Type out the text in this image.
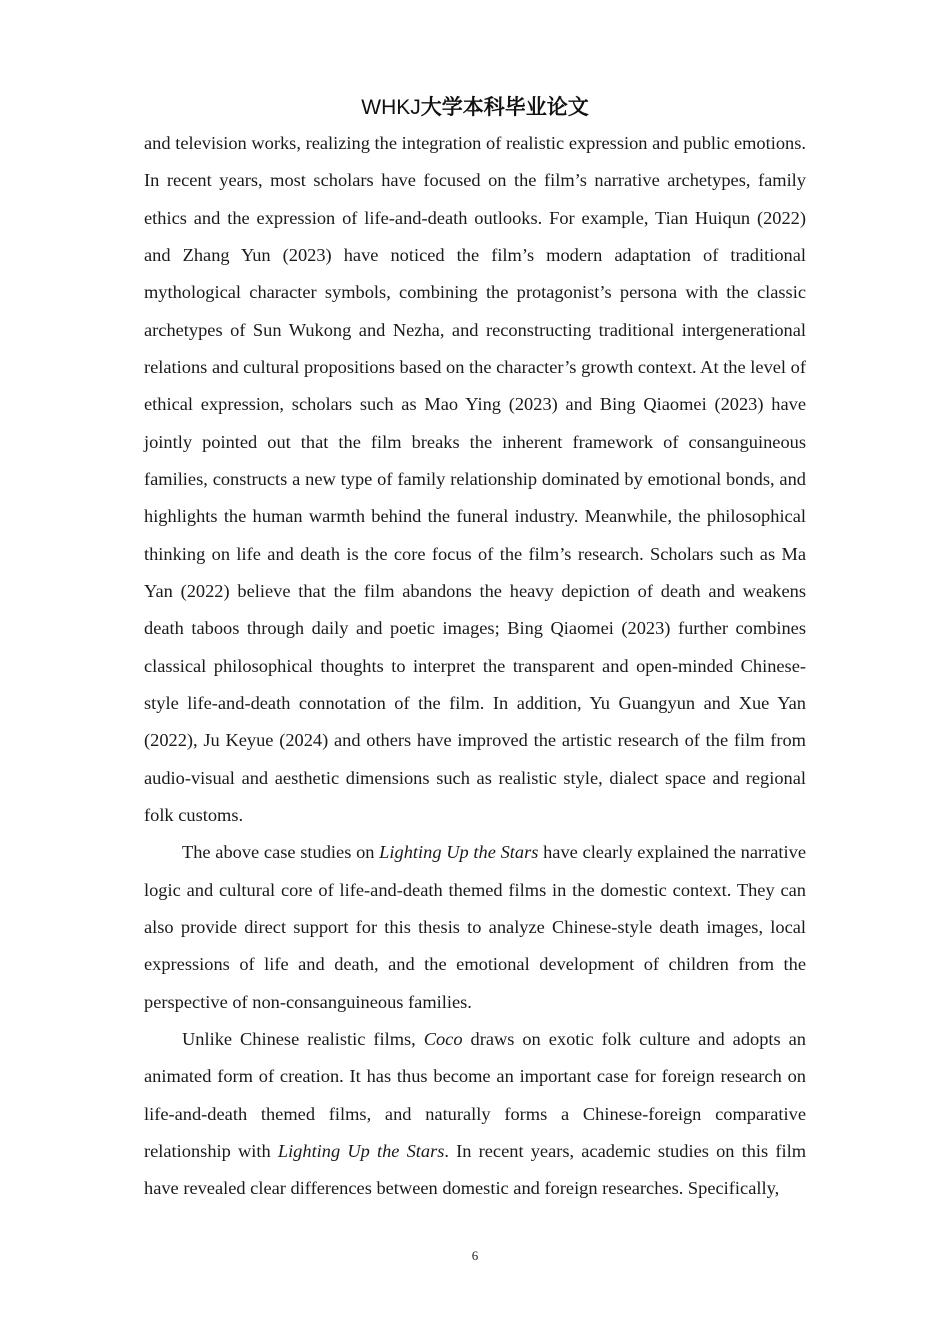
WHKJ大学本科毕业论文

and television works, realizing the integration of realistic expression and public emotions. In recent years, most scholars have focused on the film’s narrative archetypes, family ethics and the expression of life-and-death outlooks. For example, Tian Huiqun (2022) and Zhang Yun (2023) have noticed the film’s modern adaptation of traditional mythological character symbols, combining the protagonist’s persona with the classic archetypes of Sun Wukong and Nezha, and reconstructing traditional intergenerational relations and cultural propositions based on the character’s growth context. At the level of ethical expression, scholars such as Mao Ying (2023) and Bing Qiaomei (2023) have jointly pointed out that the film breaks the inherent framework of consanguineous families, constructs a new type of family relationship dominated by emotional bonds, and highlights the human warmth behind the funeral industry. Meanwhile, the philosophical thinking on life and death is the core focus of the film’s research. Scholars such as Ma Yan (2022) believe that the film abandons the heavy depiction of death and weakens death taboos through daily and poetic images; Bing Qiaomei (2023) further combines classical philosophical thoughts to interpret the transparent and open-minded Chinese-style life-and-death connotation of the film. In addition, Yu Guangyun and Xue Yan (2022), Ju Keyue (2024) and others have improved the artistic research of the film from audio-visual and aesthetic dimensions such as realistic style, dialect space and regional folk customs.

The above case studies on Lighting Up the Stars have clearly explained the narrative logic and cultural core of life-and-death themed films in the domestic context. They can also provide direct support for this thesis to analyze Chinese-style death images, local expressions of life and death, and the emotional development of children from the perspective of non-consanguineous families.

Unlike Chinese realistic films, Coco draws on exotic folk culture and adopts an animated form of creation. It has thus become an important case for foreign research on life-and-death themed films, and naturally forms a Chinese-foreign comparative relationship with Lighting Up the Stars. In recent years, academic studies on this film have revealed clear differences between domestic and foreign researches. Specifically,

6
